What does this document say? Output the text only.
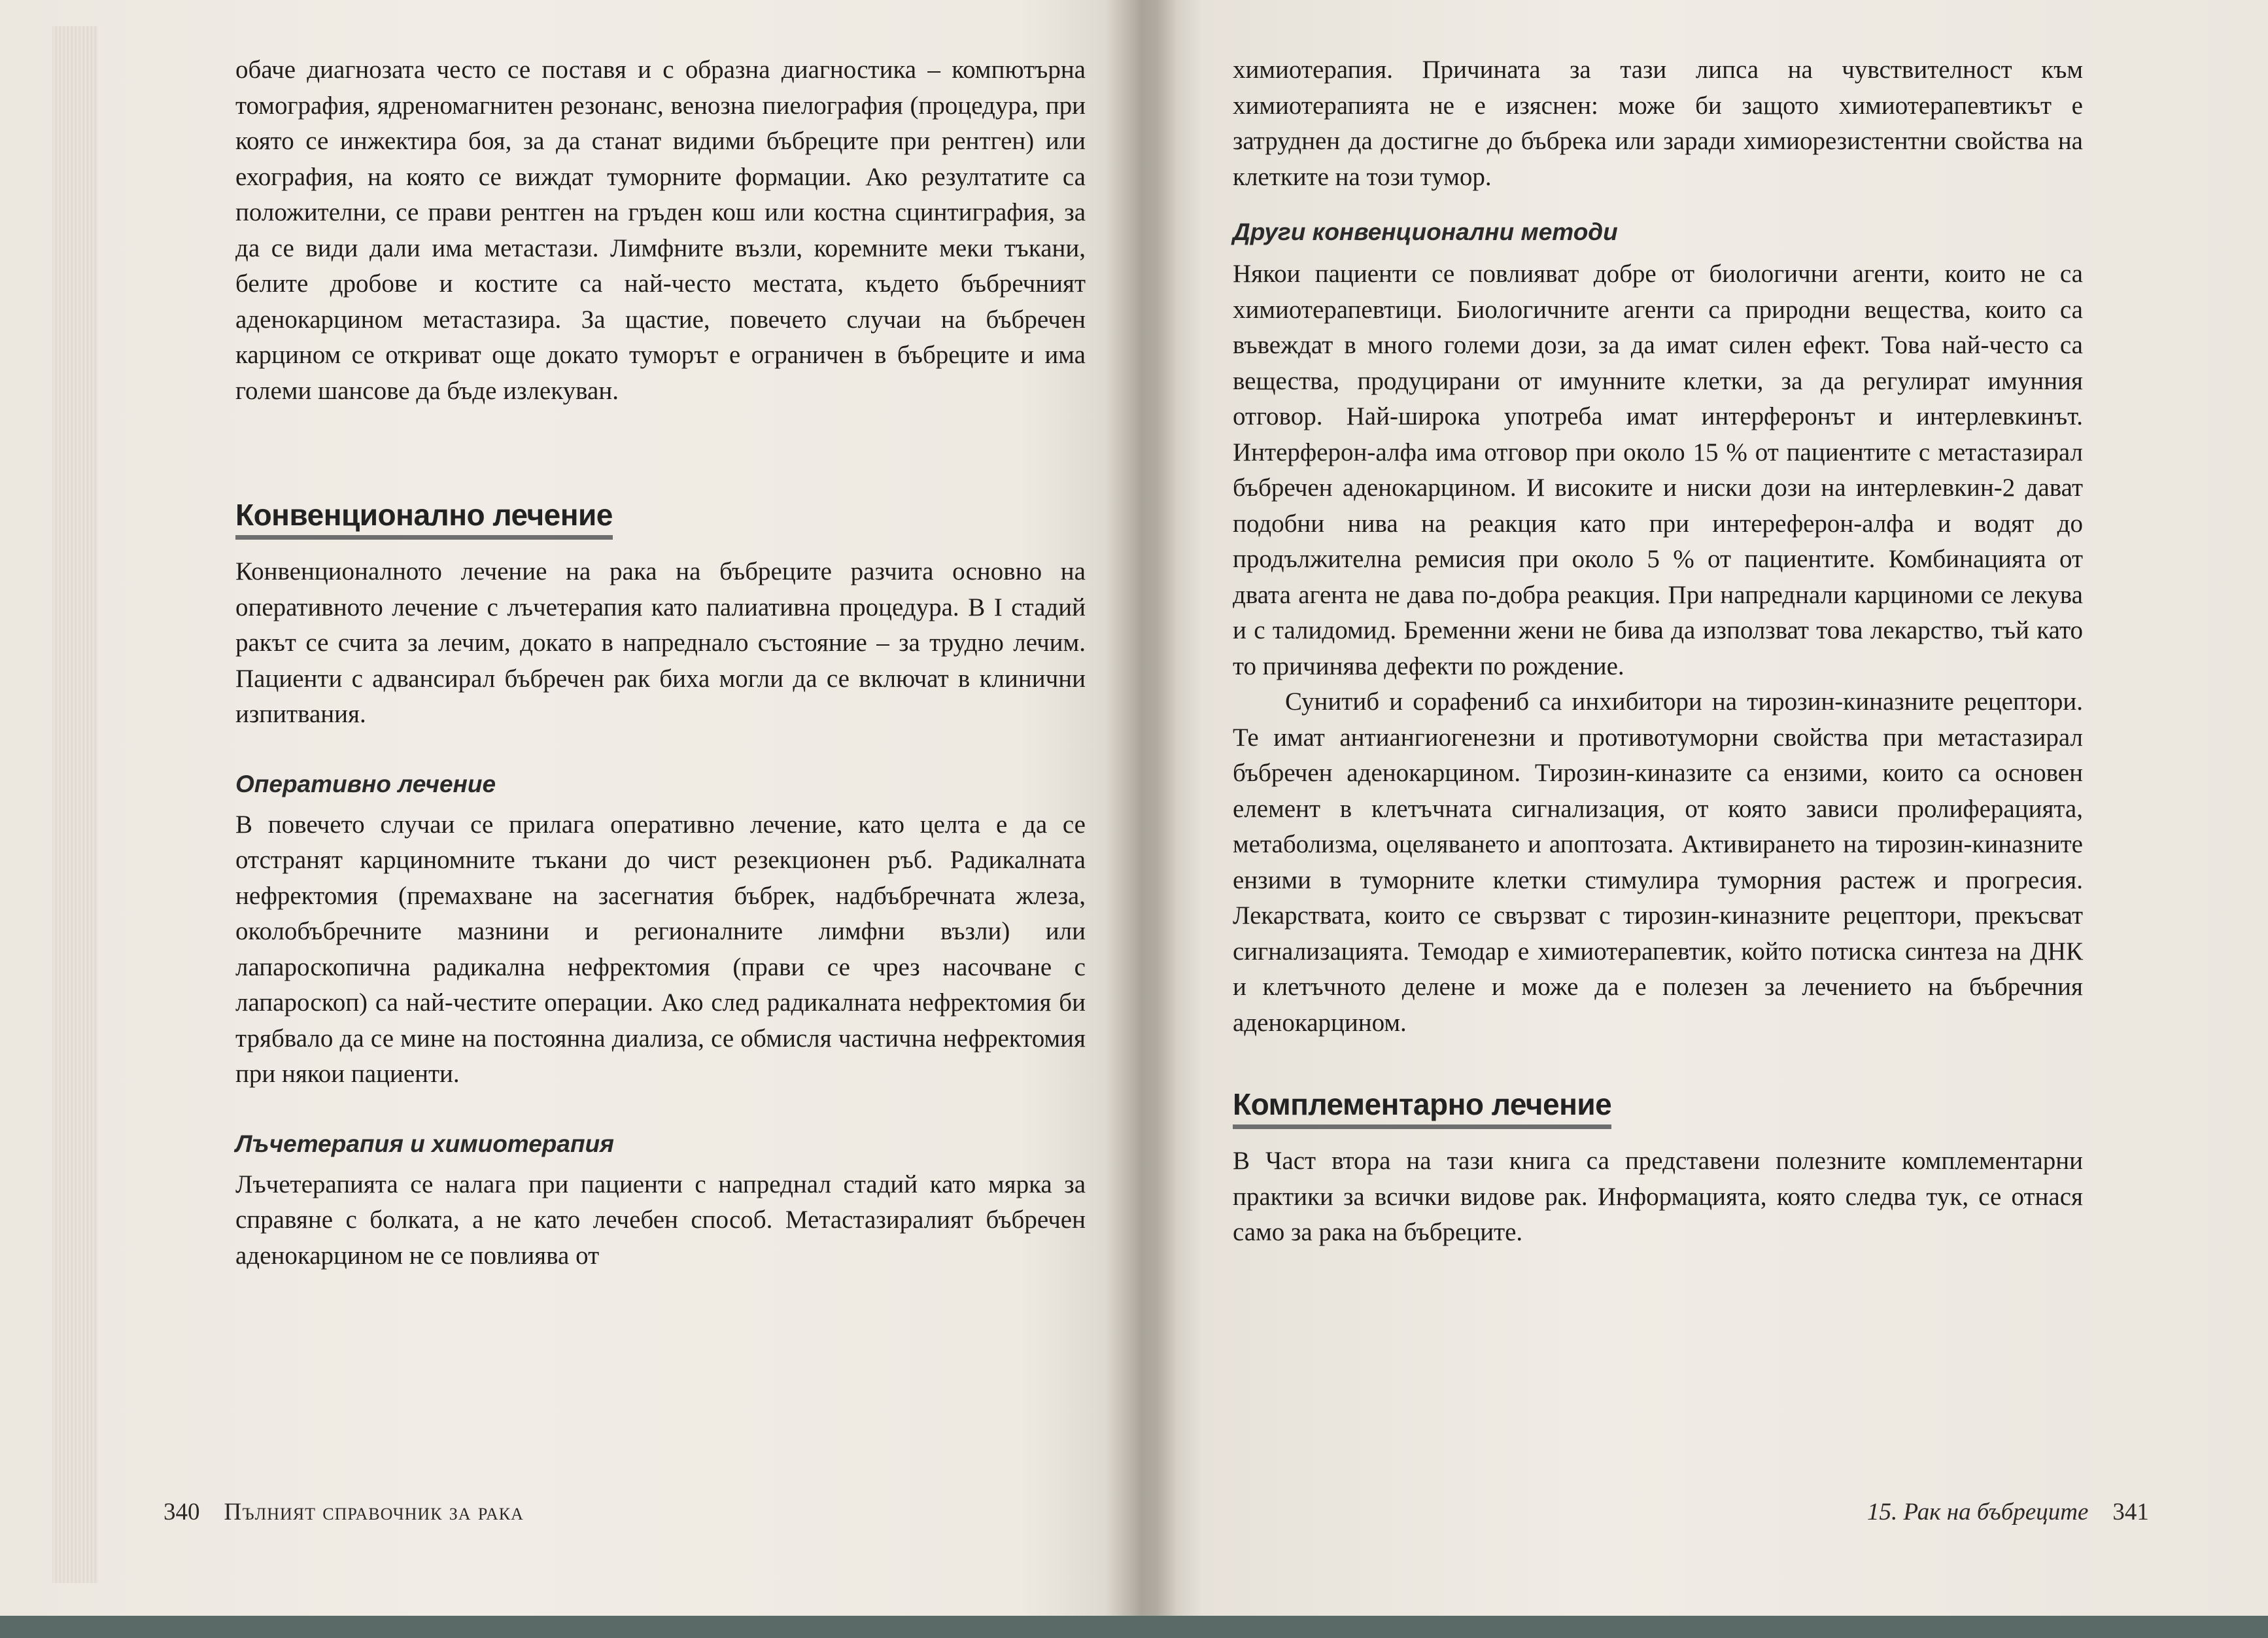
обаче диагнозата често се поставя и с образна диагностика – компютърна томография, ядреномагнитен резонанс, венозна пиелография (процедура, при която се инжектира боя, за да станат видими бъбреците при рентген) или ехография, на която се виждат туморните формации. Ако резултатите са положителни, се прави рентген на гръден кош или костна сцинтиграфия, за да се види дали има метастази. Лимфните възли, коремните меки тъкани, белите дробове и костите са най-често местата, където бъбречният аденокарцином метастазира. За щастие, повечето случаи на бъбречен карцином се откриват още докато туморът е ограничен в бъбреците и има големи шансове да бъде излекуван.

Конвенционално лечение

Конвенционалното лечение на рака на бъбреците разчита основно на оперативното лечение с лъчетерапия като палиативна процедура. В I стадий ракът се счита за лечим, докато в напреднало състояние – за трудно лечим. Пациенти с адвансирал бъбречен рак биха могли да се включат в клинични изпитвания.

Оперативно лечение

В повечето случаи се прилага оперативно лечение, като целта е да се отстранят карциномните тъкани до чист резекционен ръб. Радикалната нефректомия (премахване на засегнатия бъбрек, надбъбречната жлеза, околобъбречните мазнини и регионалните лимфни възли) или лапароскопична радикална нефректомия (прави се чрез насочване с лапароскоп) са най-честите операции. Ако след радикалната нефректомия би трябвало да се мине на постоянна диализа, се обмисля частична нефректомия при някои пациенти.

Лъчетерапия и химиотерапия

Лъчетерапията се налага при пациенти с напреднал стадий като мярка за справяне с болката, а не като лечебен способ. Метастазиралият бъбречен аденокарцином не се повлиява от

340 Пълният справочник за рака

химиотерапия. Причината за тази липса на чувствителност към химиотерапията не е изяснен: може би защото химиотерапевтикът е затруднен да достигне до бъбрека или заради химиорезистентни свойства на клетките на този тумор.

Други конвенционални методи

Някои пациенти се повлияват добре от биологични агенти, които не са химиотерапевтици. Биологичните агенти са природни вещества, които са въвеждат в много големи дози, за да имат силен ефект. Това най-често са вещества, продуцирани от имунните клетки, за да регулират имунния отговор. Най-широка употреба имат интерферонът и интерлевкинът. Интерферон-алфа има отговор при около 15 % от пациентите с метастазирал бъбречен аденокарцином. И високите и ниски дози на интерлевкин-2 дават подобни нива на реакция като при интереферон-алфа и водят до продължителна ремисия при около 5 % от пациентите. Комбинацията от двата агента не дава по-добра реакция. При напреднали карциноми се лекува и с талидомид. Бременни жени не бива да използват това лекарство, тъй като то причинява дефекти по рождение.

Сунитиб и сорафениб са инхибитори на тирозин-киназните рецептори. Те имат антиангиогенезни и противотуморни свойства при метастазирал бъбречен аденокарцином. Тирозин-киназите са ензими, които са основен елемент в клетъчната сигнализация, от която зависи пролиферацията, метаболизма, оцеляването и апоптозата. Активирането на тирозин-киназните ензими в туморните клетки стимулира туморния растеж и прогресия. Лекарствата, които се свързват с тирозин-киназните рецептори, прекъсват сигнализацията. Темодар е химиотерапевтик, който потиска синтеза на ДНК и клетъчното делене и може да е полезен за лечението на бъбречния аденокарцином.

Комплементарно лечение

В Част втора на тази книга са представени полезните комплементарни практики за всички видове рак. Информацията, която следва тук, се отнася само за рака на бъбреците.

15. Рак на бъбреците 341
